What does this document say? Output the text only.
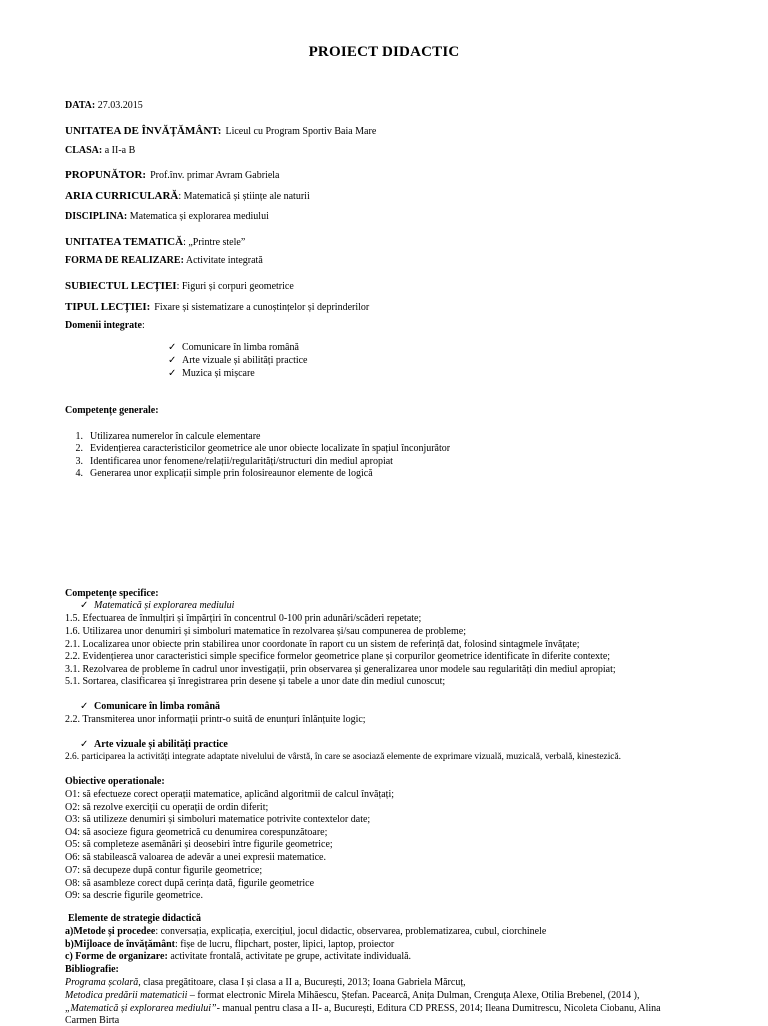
PROIECT DIDACTIC
DATA: 27.03.2015
UNITATEA DE ÎNVĂȚĂMÂNT: Liceul cu Program Sportiv Baia Mare
CLASA: a II-a B
PROPUNĂTOR: Prof.înv. primar Avram Gabriela
ARIA CURRICULARĂ: Matematică și științe ale naturii
DISCIPLINA: Matematica și explorarea mediului
UNITATEA TEMATICĂ: „Printre stele”
FORMA DE REALIZARE: Activitate integrată
SUBIECTUL LECȚIEI: Figuri și corpuri geometrice
TIPUL LECȚIEI: Fixare și sistematizare a cunoștințelor și deprinderilor
Domenii integrate:
✓ Comunicare în limba română
✓ Arte vizuale și abilități practice
✓ Muzica și mișcare
Competențe generale:
1. Utilizarea numerelor în calcule elementare
2. Evidențierea caracteristicilor geometrice ale unor obiecte localizate în spațiul înconjurător
3. Identificarea unor fenomene/relații/regularități/structuri din mediul apropiat
4. Generarea unor explicații simple prin folosireaunor elemente de logică
Competențe specifice:
✓ Matematică și explorarea mediului
1.5. Efectuarea de înmulțiri și împărțiri în concentrul 0-100 prin adunări/scăderi repetate;
1.6. Utilizarea unor denumiri și simboluri matematice în rezolvarea și/sau compunerea de probleme;
2.1. Localizarea unor obiecte prin stabilirea unor coordonate în raport cu un sistem de referință dat, folosind sintagmele învățate;
2.2. Evidențierea unor caracteristici simple specifice formelor geometrice plane și corpurilor geometrice identificate în diferite contexte;
3.1. Rezolvarea de probleme în cadrul unor investigații, prin observarea și generalizarea unor modele sau regularități din mediul apropiat;
5.1. Sortarea, clasificarea și înregistrarea prin desene și tabele a unor date din mediul cunoscut;
✓ Comunicare în limba română
2.2. Transmiterea unor informații printr-o suită de enunțuri înlănțuite logic;
✓ Arte vizuale și abilități practice
2.6. participarea la activități integrate adaptate nivelului de vârstă, în care se asociază elemente de exprimare vizuală, muzicală, verbală, kinestezică.
Obiective operationale:
O1: să efectueze corect operații matematice, aplicând algoritmii de calcul învățați;
O2: să rezolve exerciții cu operații de ordin diferit;
O3: să utilizeze denumiri și simboluri matematice potrivite contextelor date;
O4: să asocieze figura geometrică cu denumirea corespunzătoare;
O5: să completeze asemănări și deosebiri între figurile geometrice;
O6: să stabilească valoarea de adevăr a unei expresii matematice.
O7: să decupeze după contur figurile geometrice;
O8: să asambleze corect după cerința dată, figurile geometrice
O9: sa descrie figurile geometrice.
Elemente de strategie didactică
a)Metode și procedee: conversația, explicația, exercițiul, jocul didactic, observarea, problematizarea, cubul, ciorchinele
b)Mijloace de învățământ: fișe de lucru, flipchart, poster, lipici, laptop, proiector
c) Forme de organizare: activitate frontală, activitate pe grupe, activitate individuală.
Bibliografie:
Programa școlară, clasa pregătitoare, clasa I și clasa a II a, București, 2013; Ioana Gabriela Mărcuț,
Metodica predării matematicii – format electronic Mirela Mihăescu, Ștefan. Pacearcă, Anița Dulman, Crenguța Alexe, Otilia Brebenel, (2014 ),
„Matematică și explorarea mediului”- manual pentru clasa a II- a, București, Editura CD PRESS, 2014; Ileana Dumitrescu, Nicoleta Ciobanu, Alina
Carmen Birta
